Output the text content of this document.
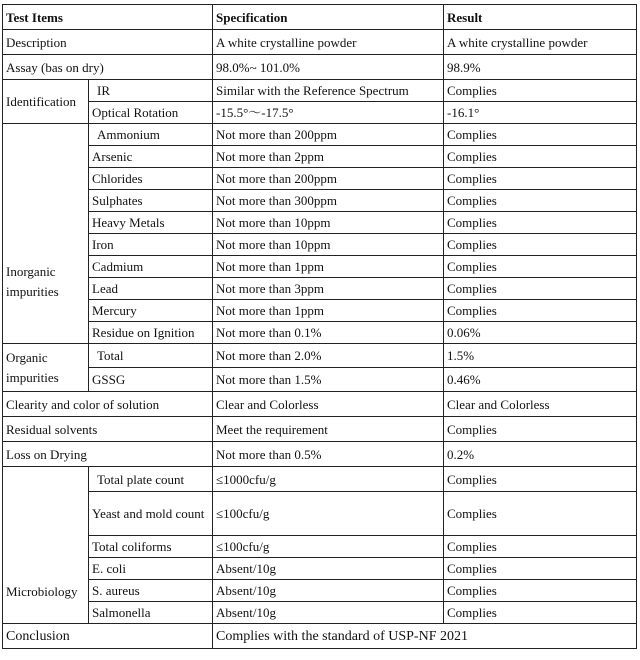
Test Items		Specification	Result
Description		A white crystalline powder	A white crystalline powder
Assay (bas on dry)		98.0%~ 101.0%	98.9%
Identification	IR	Similar with the Reference Spectrum	Complies
	Optical Rotation	-15.5°～-17.5°	-16.1°
Inorganic impurities	Ammonium	Not more than 200ppm	Complies
	Arsenic	Not more than 2ppm	Complies
	Chlorides	Not more than 200ppm	Complies
	Sulphates	Not more than 300ppm	Complies
	Heavy Metals	Not more than 10ppm	Complies
	Iron	Not more than 10ppm	Complies
	Cadmium	Not more than 1ppm	Complies
	Lead	Not more than 3ppm	Complies
	Mercury	Not more than 1ppm	Complies
	Residue on Ignition	Not more than 0.1%	0.06%
Organic impurities	Total	Not more than 2.0%	1.5%
	GSSG	Not more than 1.5%	0.46%
Clearity and color of solution		Clear and Colorless	Clear and Colorless
Residual solvents		Meet the requirement	Complies
Loss on Drying		Not more than 0.5%	0.2%
Microbiology	Total plate count	≤1000cfu/g	Complies
	Yeast and mold count	≤100cfu/g	Complies
	Total coliforms	≤100cfu/g	Complies
	E. coli	Absent/10g	Complies
	S. aureus	Absent/10g	Complies
	Salmonella	Absent/10g	Complies
Conclusion		Complies with the standard of USP-NF 2021	
